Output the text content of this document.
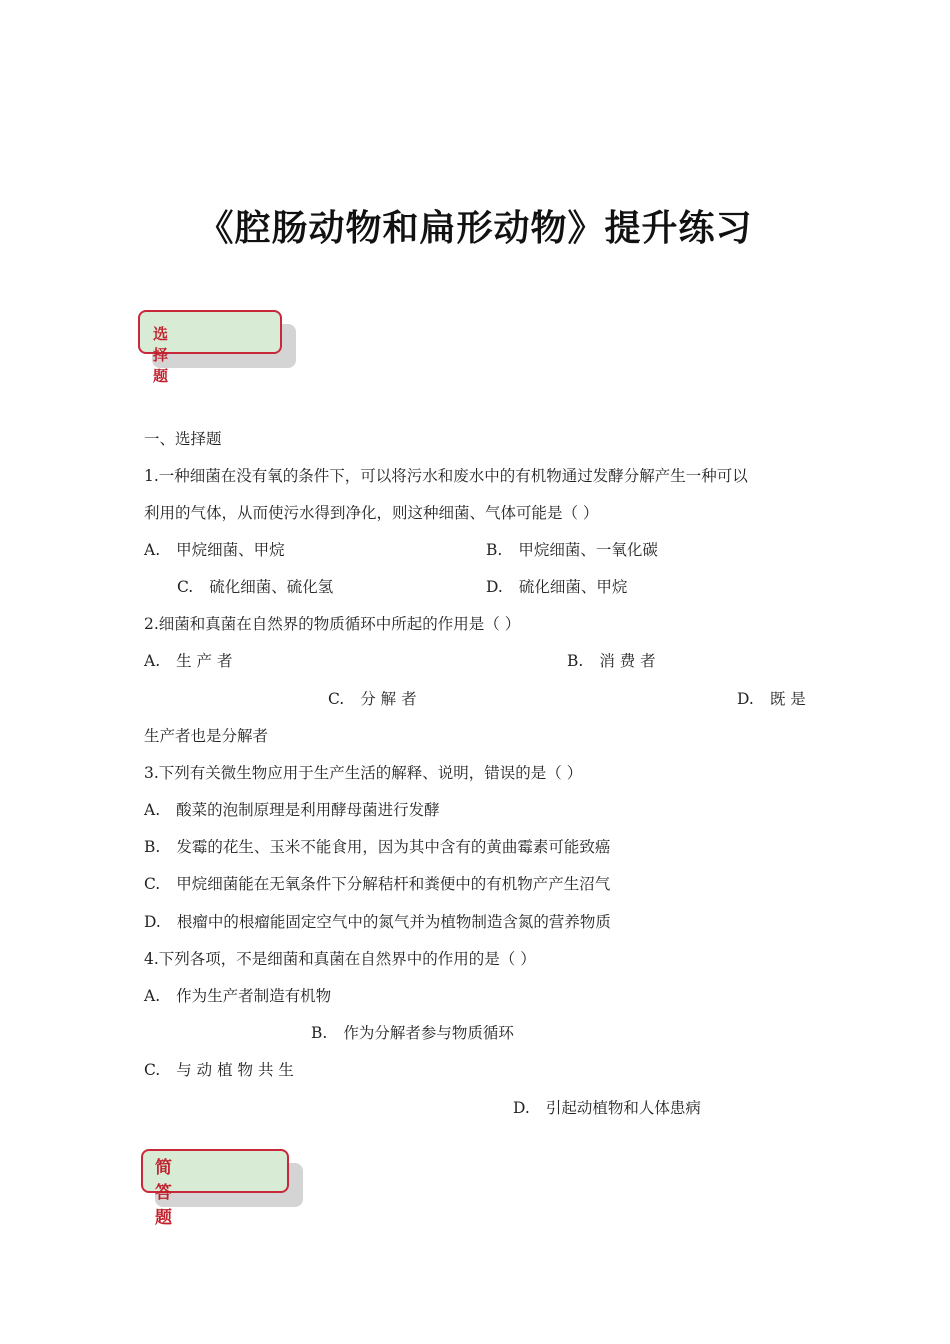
《腔肠动物和扁形动物》提升练习
选择题
一、选择题
1.一种细菌在没有氧的条件下，可以将污水和废水中的有机物通过发酵分解产生一种可以
利用的气体，从而使污水得到净化，则这种细菌、气体可能是（ ）
A. 甲烷细菌、甲烷	B. 甲烷细菌、一氧化碳
C. 硫化细菌、硫化氢	D. 硫化细菌、甲烷
2.细菌和真菌在自然界的物质循环中所起的作用是（ ）
A. 生 产 者	B. 消 费 者
C. 分 解 者	D. 既 是
生产者也是分解者
3.下列有关微生物应用于生产生活的解释、说明，错误的是（ ）
A. 酸菜的泡制原理是利用酵母菌进行发酵
B. 发霉的花生、玉米不能食用，因为其中含有的黄曲霉素可能致癌
C. 甲烷细菌能在无氧条件下分解秸杆和粪便中的有机物产产生沼气
D. 根瘤中的根瘤能固定空气中的氮气并为植物制造含氮的营养物质
4.下列各项，不是细菌和真菌在自然界中的作用的是（ ）
A. 作为生产者制造有机物
B. 作为分解者参与物质循环
C. 与 动 植 物 共 生
D. 引起动植物和人体患病
简答题
